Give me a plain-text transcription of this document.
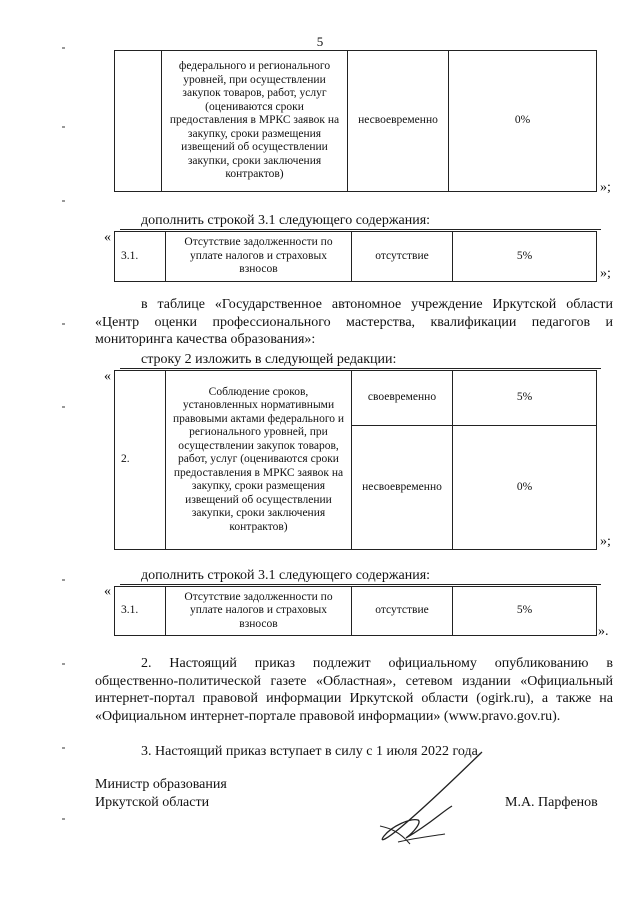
5
	федерального и регионального уровней, при осуществлении закупок товаров, работ, услуг (оцениваются сроки предоставления в МРКС заявок на закупку, сроки размещения извещений об осуществлении закупки, сроки заключения контрактов)	несвоевременно	0%
»;
дополнить строкой 3.1 следующего содержания:
«
3.1.	Отсутствие задолженности по уплате налогов и страховых взносов	отсутствие	5%
»;
в таблице «Государственное автономное учреждение Иркутской области «Центр оценки профессионального мастерства, квалификации педагогов и мониторинга качества образования»:
строку 2 изложить в следующей редакции:
«
2.	Соблюдение сроков, установленных нормативными правовыми актами федерального и регионального уровней, при осуществлении закупок товаров, работ, услуг (оцениваются сроки предоставления в МРКС заявок на закупку, сроки размещения извещений об осуществлении закупки, сроки заключения контрактов)	своевременно	5%
		несвоевременно	0%
»;
дополнить строкой 3.1 следующего содержания:
«
3.1.	Отсутствие задолженности по уплате налогов и страховых взносов	отсутствие	5%
».
2. Настоящий приказ подлежит официальному опубликованию в общественно-политической газете «Областная», сетевом издании «Официальный интернет-портал правовой информации Иркутской области (ogirk.ru), а также на «Официальном интернет-портале правовой информации» (www.pravo.gov.ru).
3. Настоящий приказ вступает в силу с 1 июля 2022 года.
Министр образования
Иркутской области	М.А. Парфенов
